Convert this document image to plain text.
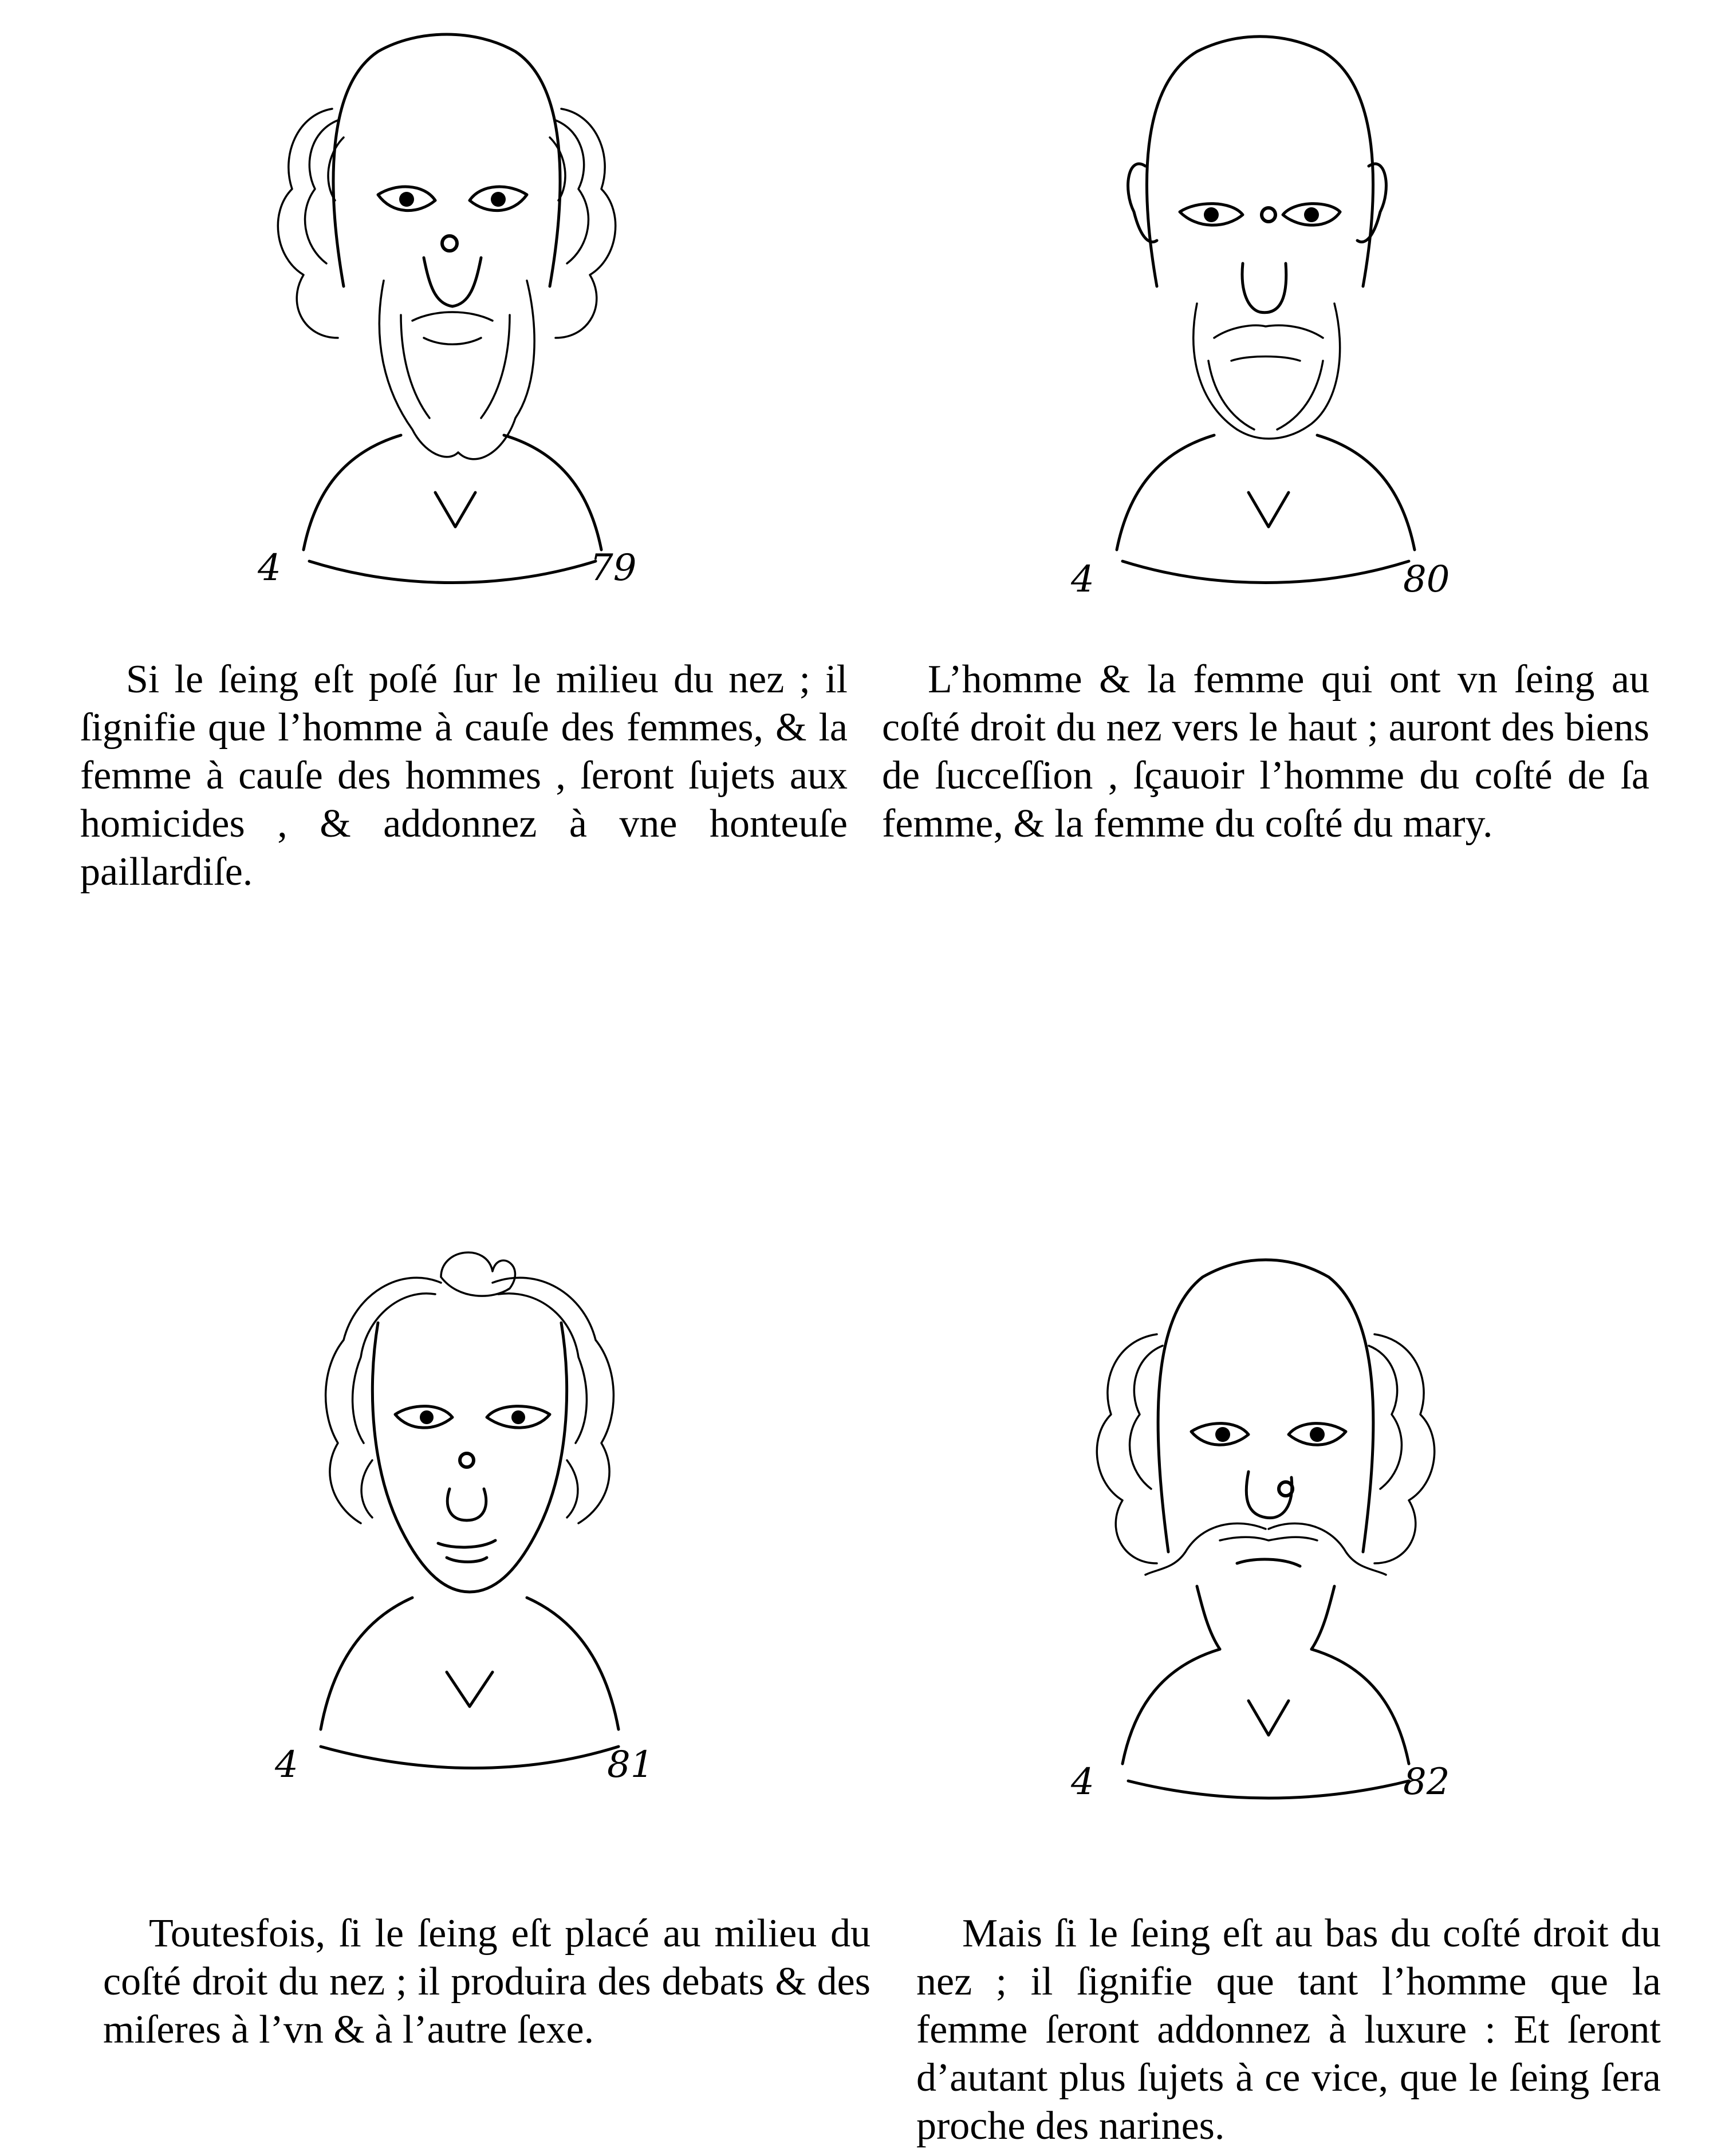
4	79
Si le ſeing eſt poſé ſur le milieu du nez ; il ſignifie que l’homme à cauſe des femmes, & la femme à cauſe des hommes , ſeront ſujets aux homicides , & addonnez à vne honteuſe paillardiſe.
4	80
L’homme & la femme qui ont vn ſeing au coſté droit du nez vers le haut ; auront des biens de ſucceſſion , ſçauoir l’homme du coſté de ſa femme, & la femme du coſté du mary.
4	81
Toutesfois, ſi le ſeing eſt placé au milieu du coſté droit du nez ; il produira des debats & des miſeres à l’vn & à l’autre ſexe.
4	82
Mais ſi le ſeing eſt au bas du coſté droit du nez ; il ſignifie que tant l’homme que la femme ſeront addonnez à luxure : Et ſeront d’autant plus ſujets à ce vice, que le ſeing ſera proche des narines.
